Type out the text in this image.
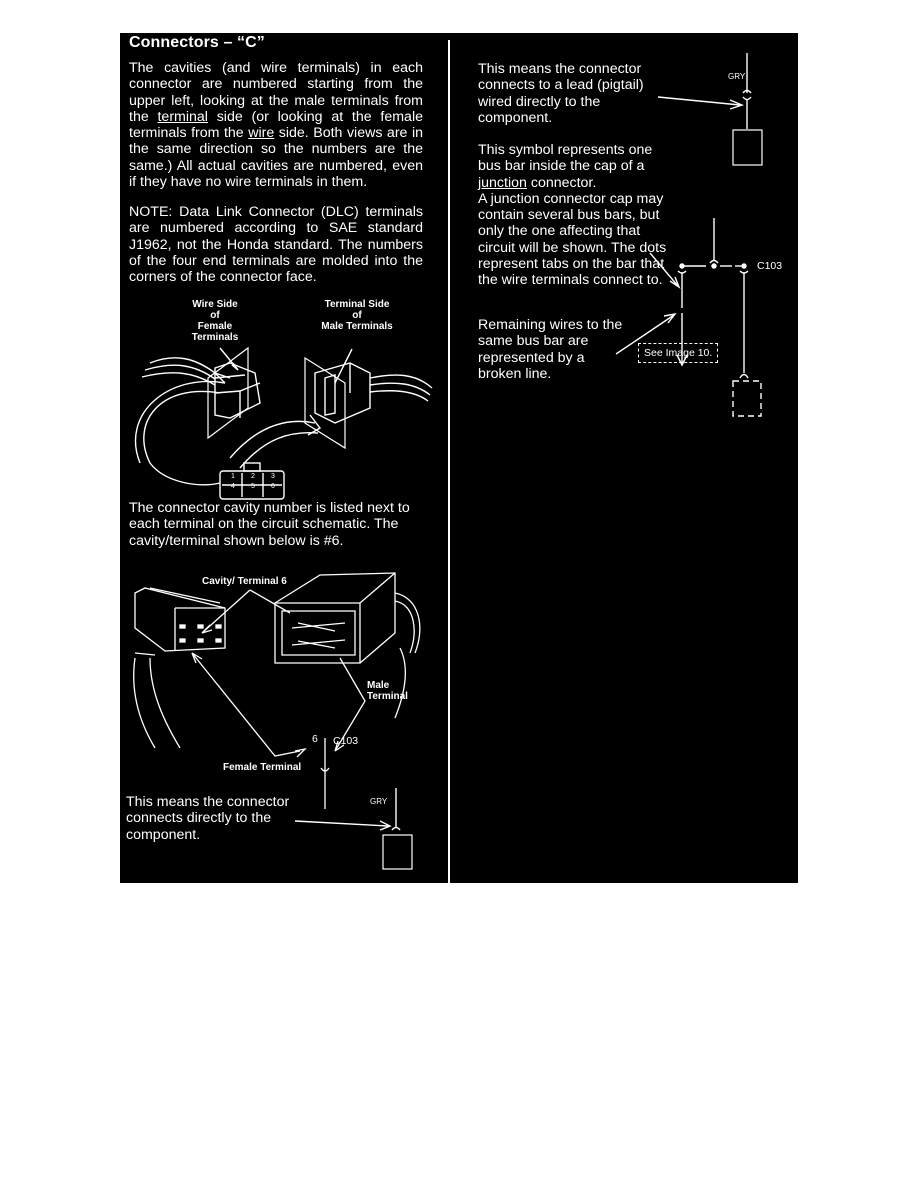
Connectors – “C”
The cavities (and wire terminals) in each connector are numbered starting from the upper left, looking at the male terminals from the terminal side (or looking at the female terminals from the wire side. Both views are in the same direction so the numbers are the same.) All actual cavities are numbered, even if they have no wire terminals in them.
NOTE: Data Link Connector (DLC) terminals are numbered according to SAE standard J1962, not the Honda standard. The numbers of the four end terminals are molded into the corners of the connector face.
Wire Side
of
Female Terminals
Terminal Side
of
Male Terminals
1	2	3
4	5	6
The connector cavity number is listed next to each terminal on the circuit schematic. The cavity/terminal shown below is #6.
Cavity/ Terminal 6
Male
Terminal
6 C103
Female Terminal
This means the connector connects directly to the component.
GRY
This means the connector connects to a lead (pigtail) wired directly to the component.
GRY
This symbol represents one bus bar inside the cap of a junction connector.
A junction connector cap may contain several bus bars, but only the one affecting that circuit will be shown. The dots represent tabs on the bar that the wire terminals connect to.
Remaining wires to the same bus bar are represented by a broken line.
C103
See Image 10.
